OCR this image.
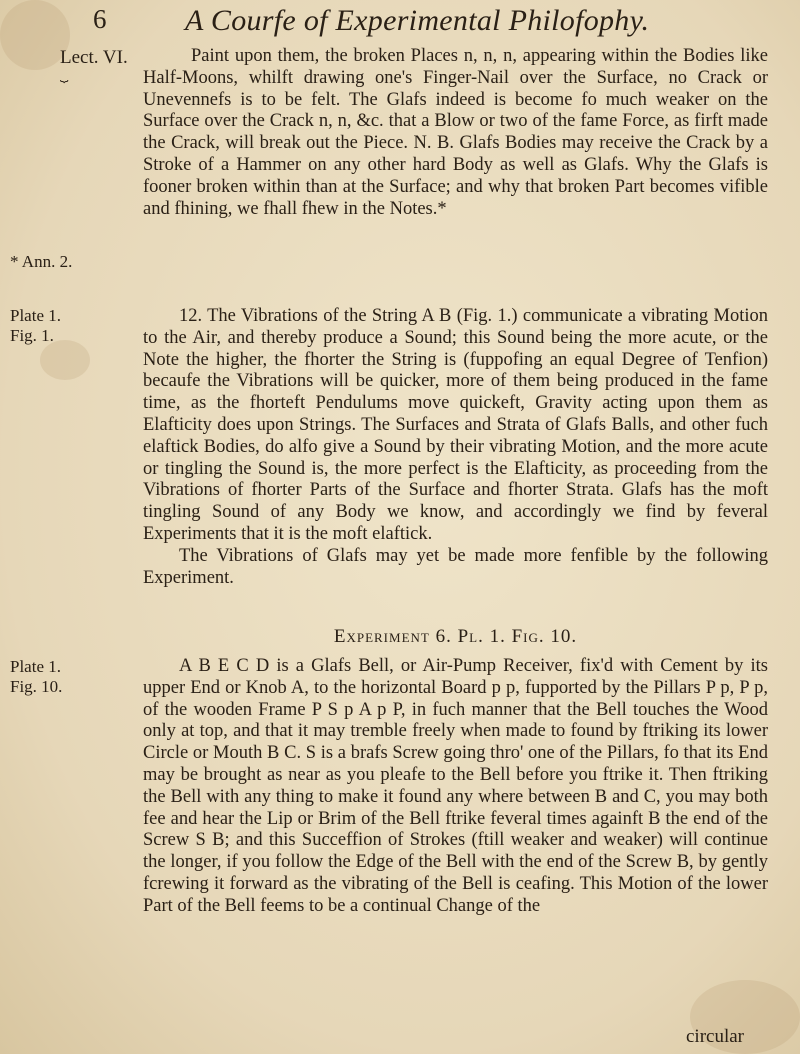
6	A Courfe of Experimental Philofophy.
Lect. VI.
⏟
* Ann. 2.
Plate 1.
Fig. 1.
Plate 1.
Fig. 10.

Paint upon them, the broken Places n, n, n, appearing within the Bodies like Half-Moons, whilft drawing one's Finger-Nail over the Surface, no Crack or Unevennefs is to be felt. The Glafs indeed is become fo much weaker on the Surface over the Crack n, n, &c. that a Blow or two of the fame Force, as firft made the Crack, will break out the Piece. N. B. Glafs Bodies may receive the Crack by a Stroke of a Hammer on any other hard Body as well as Glafs. Why the Glafs is fooner broken within than at the Surface; and why that broken Part becomes vifible and fhining, we fhall fhew in the Notes.*

12. The Vibrations of the String A B (Fig. 1.) communicate a vibrating Motion to the Air, and thereby produce a Sound; this Sound being the more acute, or the Note the higher, the fhorter the String is (fuppofing an equal Degree of Tenfion) becaufe the Vibrations will be quicker, more of them being produced in the fame time, as the fhorteft Pendulums move quickeft, Gravity acting upon them as Elafticity does upon Strings. The Surfaces and Strata of Glafs Balls, and other fuch elaftick Bodies, do alfo give a Sound by their vibrating Motion, and the more acute or tingling the Sound is, the more perfect is the Elafticity, as proceeding from the Vibrations of fhorter Parts of the Surface and fhorter Strata. Glafs has the moft tingling Sound of any Body we know, and accordingly we find by feveral Experiments that it is the moft elaftick.

The Vibrations of Glafs may yet be made more fenfible by the following Experiment.

Experiment 6. Pl. 1. Fig. 10.

A B E C D is a Glafs Bell, or Air-Pump Receiver, fix'd with Cement by its upper End or Knob A, to the horizontal Board p p, fupported by the Pillars P p, P p, of the wooden Frame P S p A p P, in fuch manner that the Bell touches the Wood only at top, and that it may tremble freely when made to found by ftriking its lower Circle or Mouth B C. S is a brafs Screw going thro' one of the Pillars, fo that its End may be brought as near as you pleafe to the Bell before you ftrike it. Then ftriking the Bell with any thing to make it found any where between B and C, you may both fee and hear the Lip or Brim of the Bell ftrike feveral times againft B the end of the Screw S B; and this Succeffion of Strokes (ftill weaker and weaker) will continue the longer, if you follow the Edge of the Bell with the end of the Screw B, by gently fcrewing it forward as the vibrating of the Bell is ceafing. This Motion of the lower Part of the Bell feems to be a continual Change of the

circular
